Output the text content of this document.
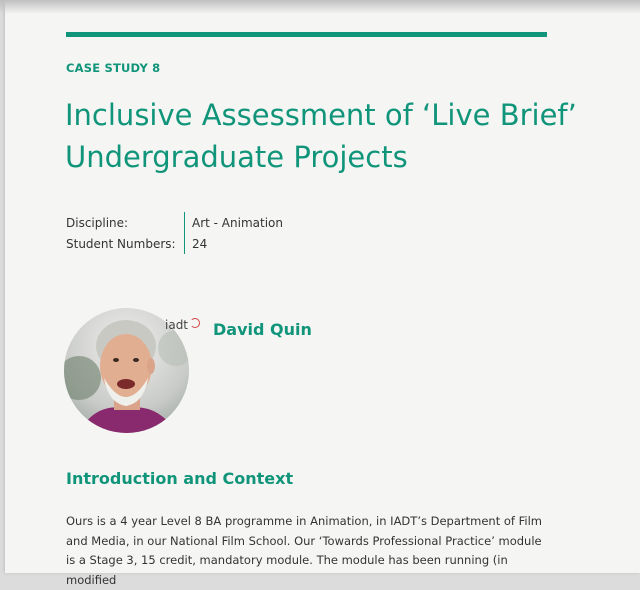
CASE STUDY 8
Inclusive Assessment of ‘Live Brief’ Undergraduate Projects
Discipline:	Art - Animation
Student Numbers:	24
iadt David Quin
Introduction and Context

Ours is a 4 year Level 8 BA programme in Animation, in IADT’s Department of Film and Media, in our National Film School. Our ‘Towards Professional Practice’ module is a Stage 3, 15 credit, mandatory module. The module has been running (in modified
